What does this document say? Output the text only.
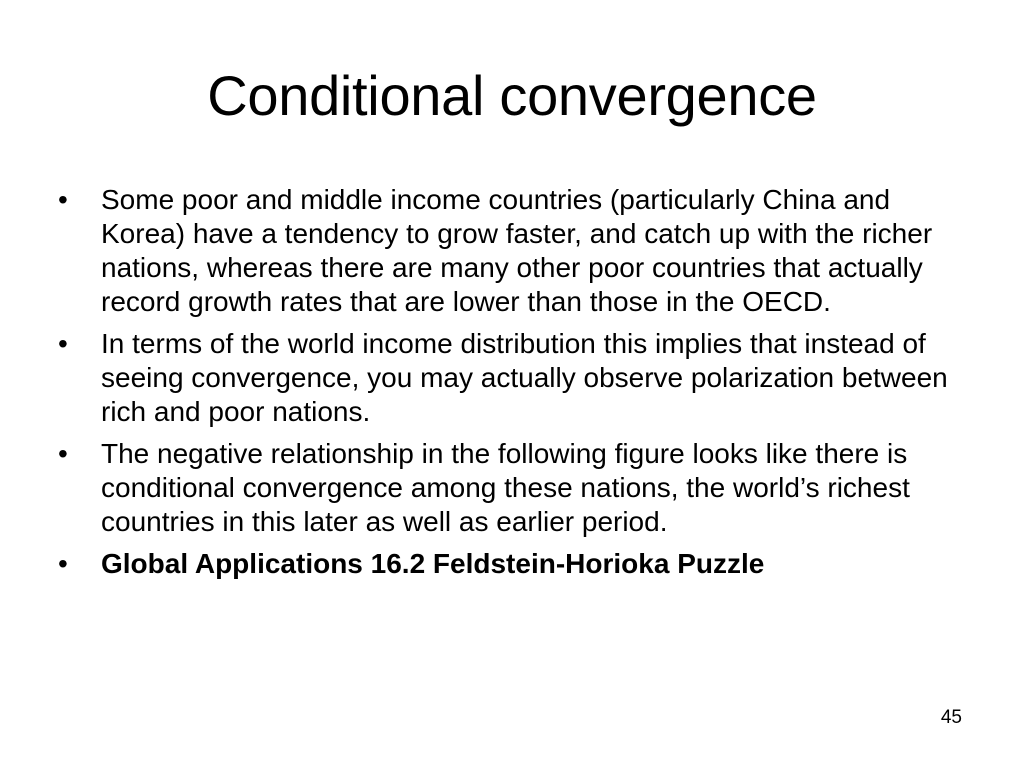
Conditional convergence
•	Some poor and middle income countries (particularly China and Korea) have a tendency to grow faster, and catch up with the richer nations, whereas there are many other poor countries that actually record growth rates that are lower than those in the OECD.
•	In terms of the world income distribution this implies that instead of seeing convergence, you may actually observe polarization between rich and poor nations.
•	The negative relationship in the following figure looks like there is conditional convergence among these nations, the world’s richest countries in this later as well as earlier period.
•	Global Applications 16.2 Feldstein-Horioka Puzzle
45
